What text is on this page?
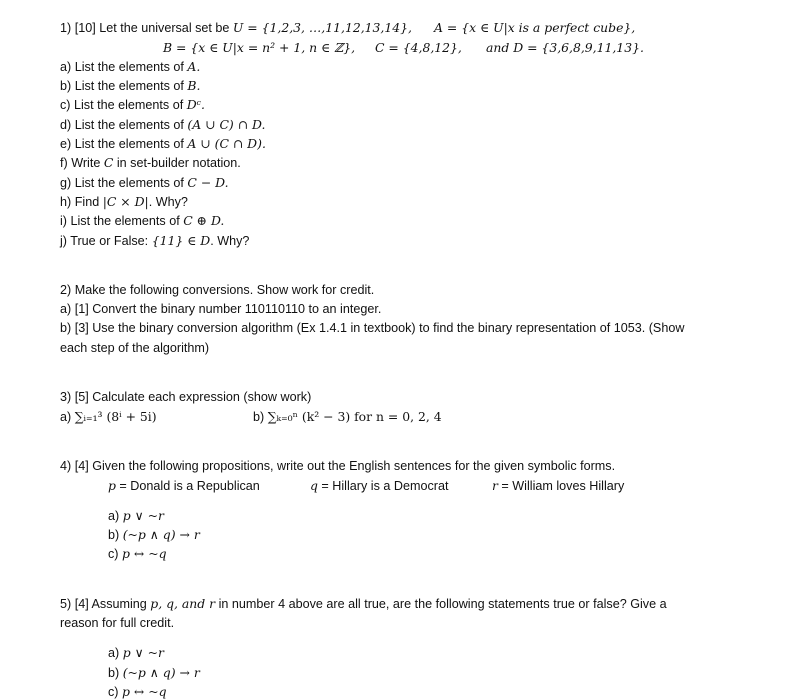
1) [10] Let the universal set be U = {1,2,3, …,11,12,13,14}, A = {x ∈ U|x is a perfect cube},
B = {x ∈ U|x = n² + 1, n ∈ ℤ}, C = {4,8,12}, and D = {3,6,8,9,11,13}.
a) List the elements of A.
b) List the elements of B.
c) List the elements of Dᶜ.
d) List the elements of (A ∪ C) ∩ D.
e) List the elements of A ∪ (C ∩ D).
f) Write C in set-builder notation.
g) List the elements of C − D.
h) Find |C × D|. Why?
i) List the elements of C ⊕ D.
j) True or False: {11} ∈ D. Why?
2) Make the following conversions. Show work for credit.
a) [1] Convert the binary number 110110110 to an integer.
b) [3] Use the binary conversion algorithm (Ex 1.4.1 in textbook) to find the binary representation of 1053. (Show
each step of the algorithm)
3) [5] Calculate each expression (show work)
a) ∑ᵢ₌₁³ (8ⁱ + 5i)	b) ∑ₖ₌₀ⁿ (k² − 3) for n = 0, 2, 4
4) [4] Given the following propositions, write out the English sentences for the given symbolic forms.
p = Donald is a Republican	q = Hillary is a Democrat	r = William loves Hillary
a) p ∨ ~r
b) (~p ∧ q) → r
c) p ↔ ~q
5) [4] Assuming p, q, and r in number 4 above are all true, are the following statements true or false? Give a
reason for full credit.
a) p ∨ ~r
b) (~p ∧ q) → r
c) p ↔ ~q
